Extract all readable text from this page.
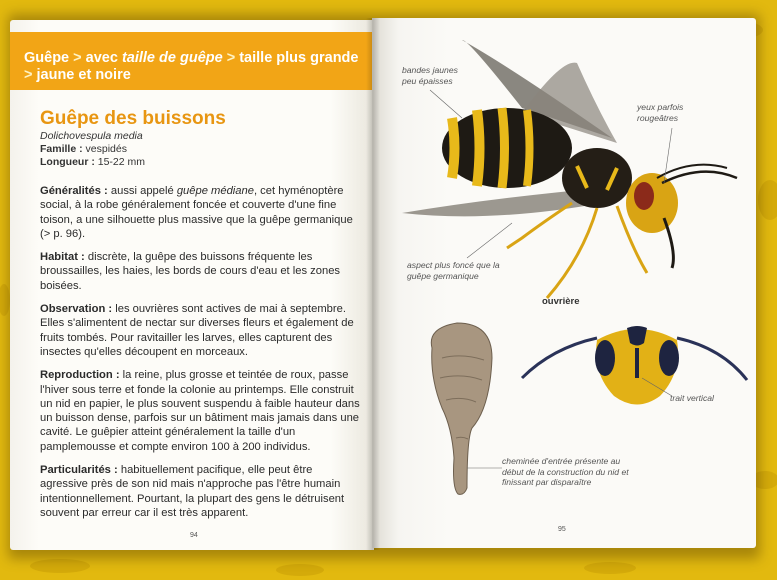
Guêpe > avec taille de guêpe > taille plus grande
> jaune et noire
Guêpe des buissons
Dolichovespula media
Famille : vespidés
Longueur : 15-22 mm

Généralités : aussi appelé guêpe médiane, cet hyménoptère social, à la robe généralement foncée et couverte d'une fine toison, a une silhouette plus massive que la guêpe germanique (> p. 96).

Habitat : discrète, la guêpe des buissons fréquente les broussailles, les haies, les bords de cours d'eau et les zones boisées.

Observation : les ouvrières sont actives de mai à septembre. Elles s'alimentent de nectar sur diverses fleurs et également de fruits tombés. Pour ravitailler les larves, elles capturent des insectes qu'elles découpent en morceaux.

Reproduction : la reine, plus grosse et teintée de roux, passe l'hiver sous terre et fonde la colonie au printemps. Elle construit un nid en papier, le plus souvent suspendu à faible hauteur dans un buisson dense, parfois sur un bâtiment mais jamais dans une cavité. Le guêpier atteint généralement la taille d'un pamplemousse et compte environ 100 à 200 individus.

Particularités : habituellement pacifique, elle peut être agressive près de son nid mais n'approche pas l'être humain intentionnellement. Pourtant, la plupart des gens le détruisent souvent par erreur car il est très apparent.

94
bandes jaunes peu épaisses
yeux parfois rougeâtres
aspect plus foncé que la guêpe germanique
ouvrière
trait vertical
cheminée d'entrée présente au début de la construction du nid et finissant par disparaître
95
